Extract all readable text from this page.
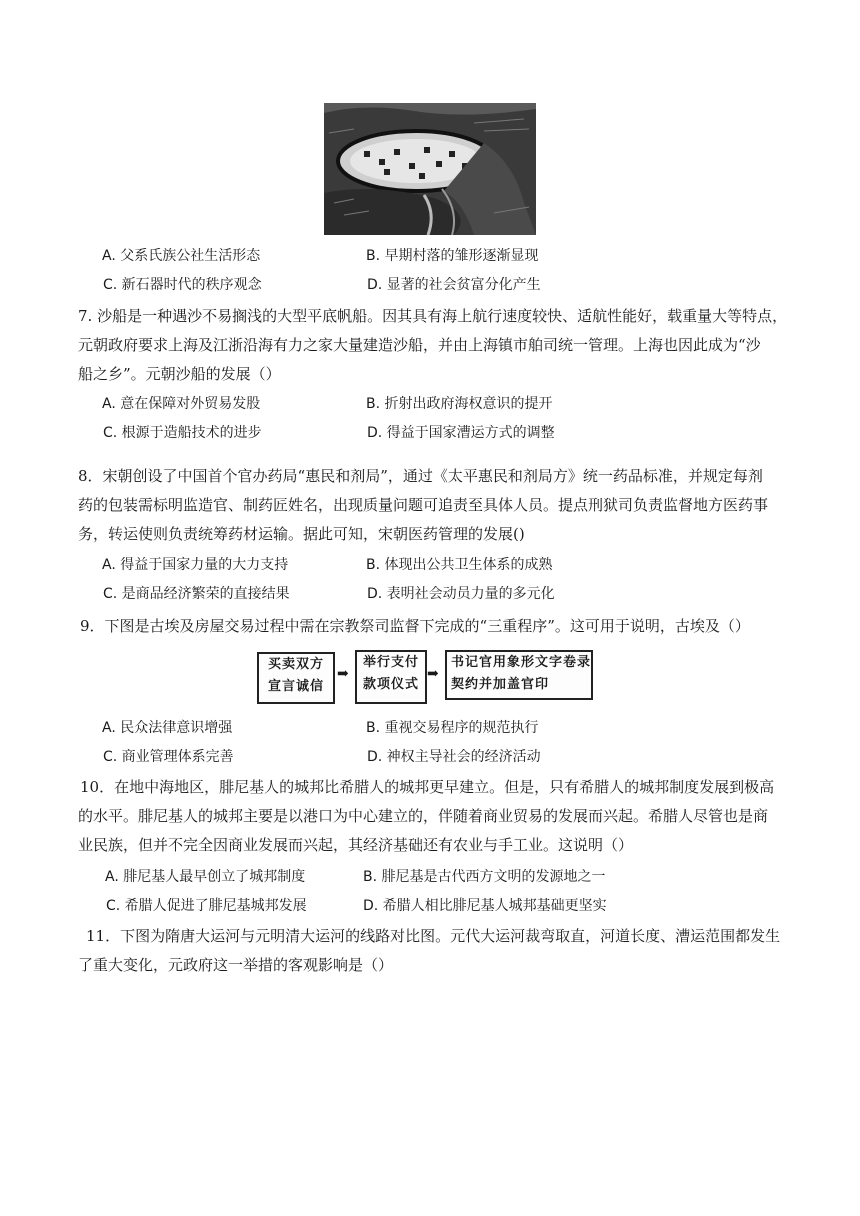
A. 父系氏族公社生活形态	B. 早期村落的雏形逐渐显现
C. 新石器时代的秩序观念	D. 显著的社会贫富分化产生
7. 沙船是一种遇沙不易搁浅的大型平底帆船。因其具有海上航行速度较快、适航性能好，载重量大等特点，
元朝政府要求上海及江浙沿海有力之家大量建造沙船，并由上海镇市舶司统一管理。上海也因此成为“沙
船之乡”。元朝沙船的发展（）
A. 意在保障对外贸易发股	B. 折射出政府海权意识的提开
C. 根源于造船技术的进步	D. 得益于国家漕运方式的调整
8．宋朝创设了中国首个官办药局“惠民和剂局”，通过《太平惠民和剂局方》统一药品标准，并规定每剂
药的包装需标明监造官、制药匠姓名，出现质量问题可追责至具体人员。提点刑狱司负责监督地方医药事
务，转运使则负责统筹药材运输。据此可知，宋朝医药管理的发展()
A. 得益于国家力量的大力支持	B. 体现出公共卫生体系的成熟
C. 是商品经济繁荣的直接结果	D. 表明社会动员力量的多元化
9．下图是古埃及房屋交易过程中需在宗教祭司监督下完成的“三重程序”。这可用于说明，古埃及（）
买卖双方
宣言诚信
➡
举行支付
款项仪式
➡
书记官用象形文字卷录
契约并加盖官印
A. 民众法律意识增强	B. 重视交易程序的规范执行
C. 商业管理体系完善	D. 神权主导社会的经济活动
10．在地中海地区，腓尼基人的城邦比希腊人的城邦更早建立。但是，只有希腊人的城邦制度发展到极高
的水平。腓尼基人的城邦主要是以港口为中心建立的，伴随着商业贸易的发展而兴起。希腊人尽管也是商
业民族，但并不完全因商业发展而兴起，其经济基础还有农业与手工业。这说明（）
A. 腓尼基人最早创立了城邦制度	B. 腓尼基是古代西方文明的发源地之一
C. 希腊人促进了腓尼基城邦发展	D. 希腊人相比腓尼基人城邦基础更坚实
11．下图为隋唐大运河与元明清大运河的线路对比图。元代大运河裁弯取直，河道长度、漕运范围都发生
了重大变化，元政府这一举措的客观影响是（）
